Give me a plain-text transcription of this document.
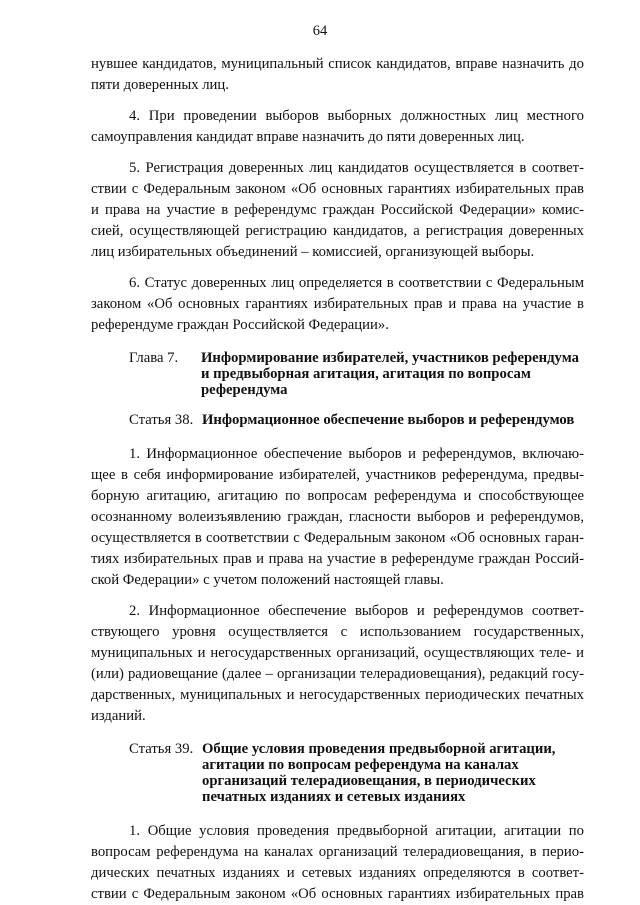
64
нувшее кандидатов, муниципальный список кандидатов, вправе назначить до
пяти доверенных лиц.
4. При проведении выборов выборных должностных лиц местного
самоуправления кандидат вправе назначить до пяти доверенных лиц.
5. Регистрация доверенных лиц кандидатов осуществляется в соответ-
ствии с Федеральным законом «Об основных гарантиях избирательных прав
и права на участие в референдумс граждан Российской Федерации» комис-
сией, осуществляющей регистрацию кандидатов, а регистрация доверенных
лиц избирательных объединений – комиссией, организующей выборы.
6. Статус доверенных лиц определяется в соответствии с Федеральным
законом «Об основных гарантиях избирательных прав и права на участие в
референдуме граждан Российской Федерации».
Глава 7. Информирование избирателей, участников референдума
и предвыборная агитация, агитация по вопросам
референдума
Статья 38. Информационное обеспечение выборов и референдумов
1. Информационное обеспечение выборов и референдумов, включаю-
щее в себя информирование избирателей, участников референдума, предвы-
борную агитацию, агитацию по вопросам референдума и способствующее
осознанному волеизъявлению граждан, гласности выборов и референдумов,
осуществляется в соответствии с Федеральным законом «Об основных гаран-
тиях избирательных прав и права на участие в референдуме граждан Россий-
ской Федерации» с учетом положений настоящей главы.
2. Информационное обеспечение выборов и референдумов соответ-
ствующего уровня осуществляется с использованием государственных,
муниципальных и негосударственных организаций, осуществляющих теле- и
(или) радиовещание (далее – организации телерадиовещания), редакций госу-
дарственных, муниципальных и негосударственных периодических печатных
изданий.
Статья 39. Общие условия проведения предвыборной агитации,
агитации по вопросам референдума на каналах
организаций телерадиовещания, в периодических
печатных изданиях и сетевых изданиях
1. Общие условия проведения предвыборной агитации, агитации по
вопросам референдума на каналах организаций телерадиовещания, в перио-
дических печатных изданиях и сетевых изданиях определяются в соответ-
ствии с Федеральным законом «Об основных гарантиях избирательных прав
